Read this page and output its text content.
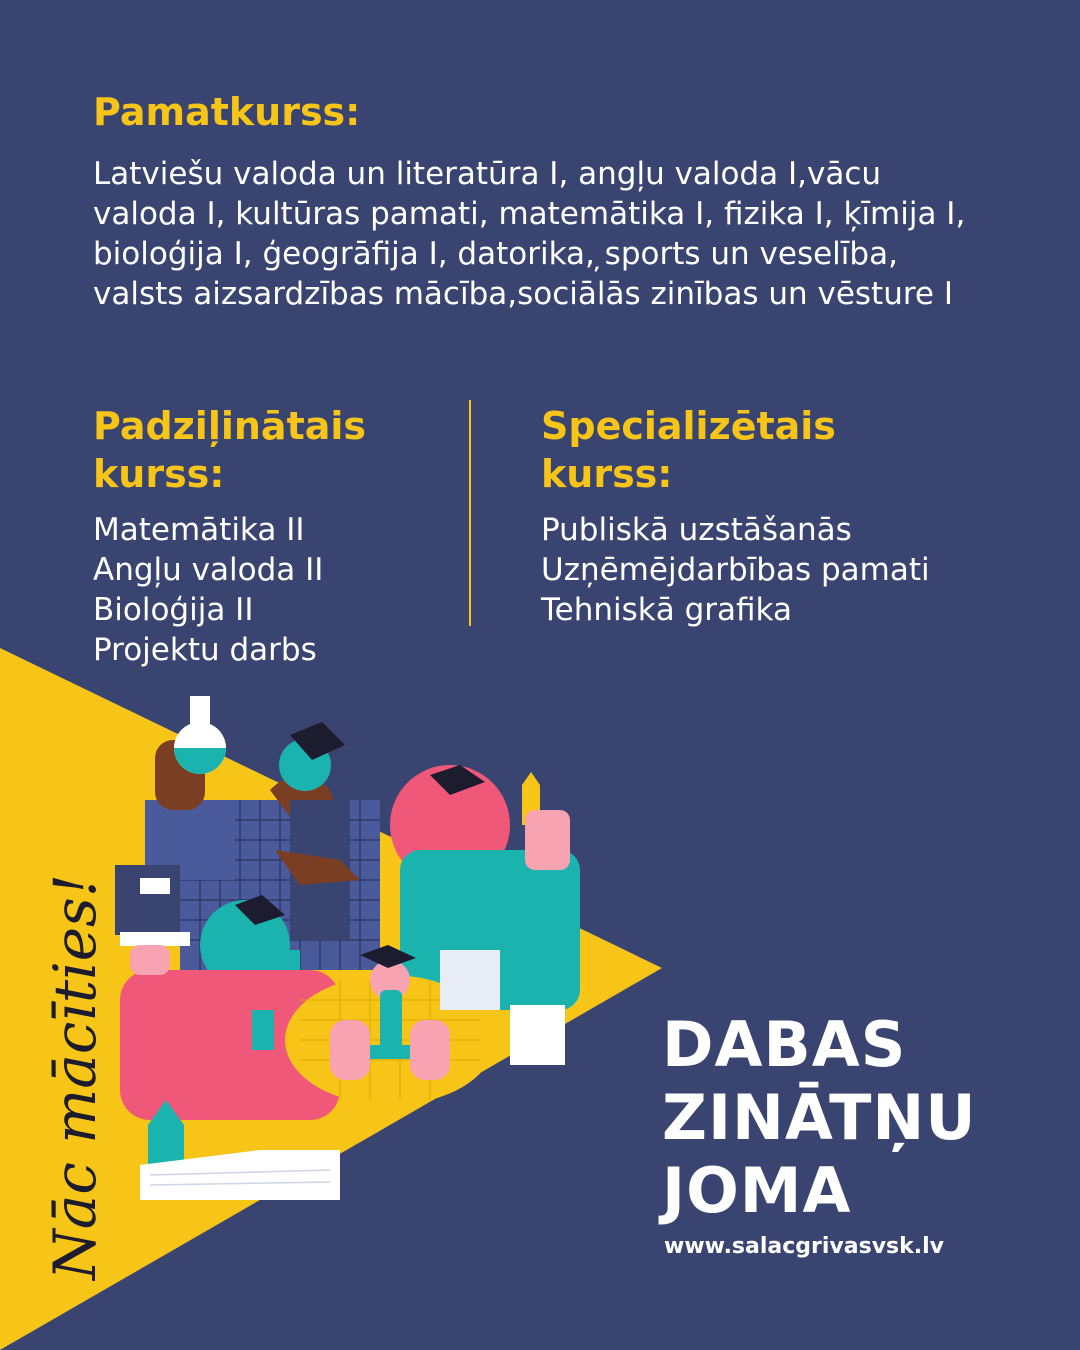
Pamatkurss:
Latviešu valoda un literatūra I, angļu valoda I,vācu valoda I, kultūras pamati, matemātika I, fizika I, ķīmija I, bioloģija I, ģeogrāfija I, datorika, ̦sports un veselība, valsts aizsardzības mācība,sociālās zinības un vēsture I
Padziļinātais kurss:
Matemātika II
Angļu valoda II
Bioloģija II
Projektu darbs
Specializētais kurss:
Publiskā uzstāšanās
Uzņēmējdarbības pamati
Tehniskā grafika
Nāc mācīties!	DABAS
ZINĀTŅU
JOMA
www.salacgrivasvsk.lv
